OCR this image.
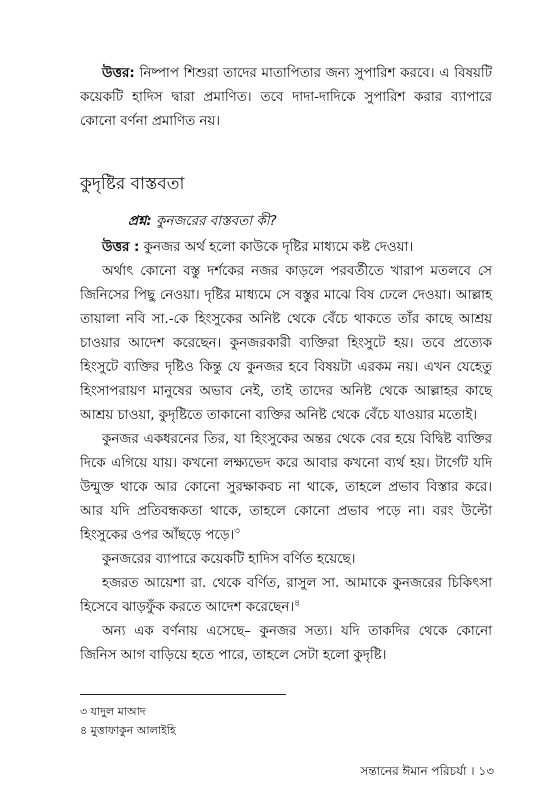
উত্তর: নিষ্পাপ শিশুরা তাদের মাতাপিতার জন্য সুপারিশ করবে। এ বিষয়টি কয়েকটি হাদিস দ্বারা প্রমাণিত। তবে দাদা-দাদিকে সুপারিশ করার ব্যাপারে কোনো বর্ণনা প্রমাণিত নয়।

কুদৃষ্টির বাস্তবতা
প্রশ্ন: কুনজরের বাস্তবতা কী?

উত্তর : কুনজর অর্থ হলো কাউকে দৃষ্টির মাধ্যমে কষ্ট দেওয়া।

অর্থাৎ কোনো বস্তু দর্শকের নজর কাড়লে পরবর্তীতে খারাপ মতলবে সে জিনিসের পিছু নেওয়া। দৃষ্টির মাধ্যমে সে বস্তুর মাঝে বিষ ঢেলে দেওয়া। আল্লাহ তায়ালা নবি সা.-কে হিংসুকের অনিষ্ট থেকে বেঁচে থাকতে তাঁর কাছে আশ্রয় চাওয়ার আদেশ করেছেন। কুনজরকারী ব্যক্তিরা হিংসুটে হয়। তবে প্রত্যেক হিংসুটে ব্যক্তির দৃষ্টিও কিন্তু যে কুনজর হবে বিষয়টা এরকম নয়। এখন যেহেতু হিংসাপরায়ণ মানুষের অভাব নেই, তাই তাদের অনিষ্ট থেকে আল্লাহর কাছে আশ্রয় চাওয়া, কুদৃষ্টিতে তাকানো ব্যক্তির অনিষ্ট থেকে বেঁচে যাওয়ার মতোই।

কুনজর একধরনের তির, যা হিংসুকের অন্তর থেকে বের হয়ে বিদ্বিষ্ট ব্যক্তির দিকে এগিয়ে যায়। কখনো লক্ষ্যভেদ করে আবার কখনো ব্যর্থ হয়। টার্গেট যদি উন্মুক্ত থাকে আর কোনো সুরক্ষাকবচ না থাকে, তাহলে প্রভাব বিস্তার করে। আর যদি প্রতিবন্ধকতা থাকে, তাহলে কোনো প্রভাব পড়ে না। বরং উল্টো হিংসুকের ওপর আঁছড়ে পড়ে।$^৩$

কুনজরের ব্যাপারে কয়েকটি হাদিস বর্ণিত হয়েছে।

হজরত আয়েশা রা. থেকে বর্ণিত, রাসুল সা. আমাকে কুনজরের চিকিৎসা হিসেবে ঝাড়ফুঁক করতে আদেশ করেছেন।$^৪$

অন্য এক বর্ণনায় এসেছে– কুনজর সত্য। যদি তাকদির থেকে কোনো জিনিস আগ বাড়িয়ে হতে পারে, তাহলে সেটা হলো কুদৃষ্টি।

৩ যাদুল মাআদ
৪ মুত্তাফাকুন আলাইহি
সন্তানের ঈমান পরিচর্যা । ১৩
